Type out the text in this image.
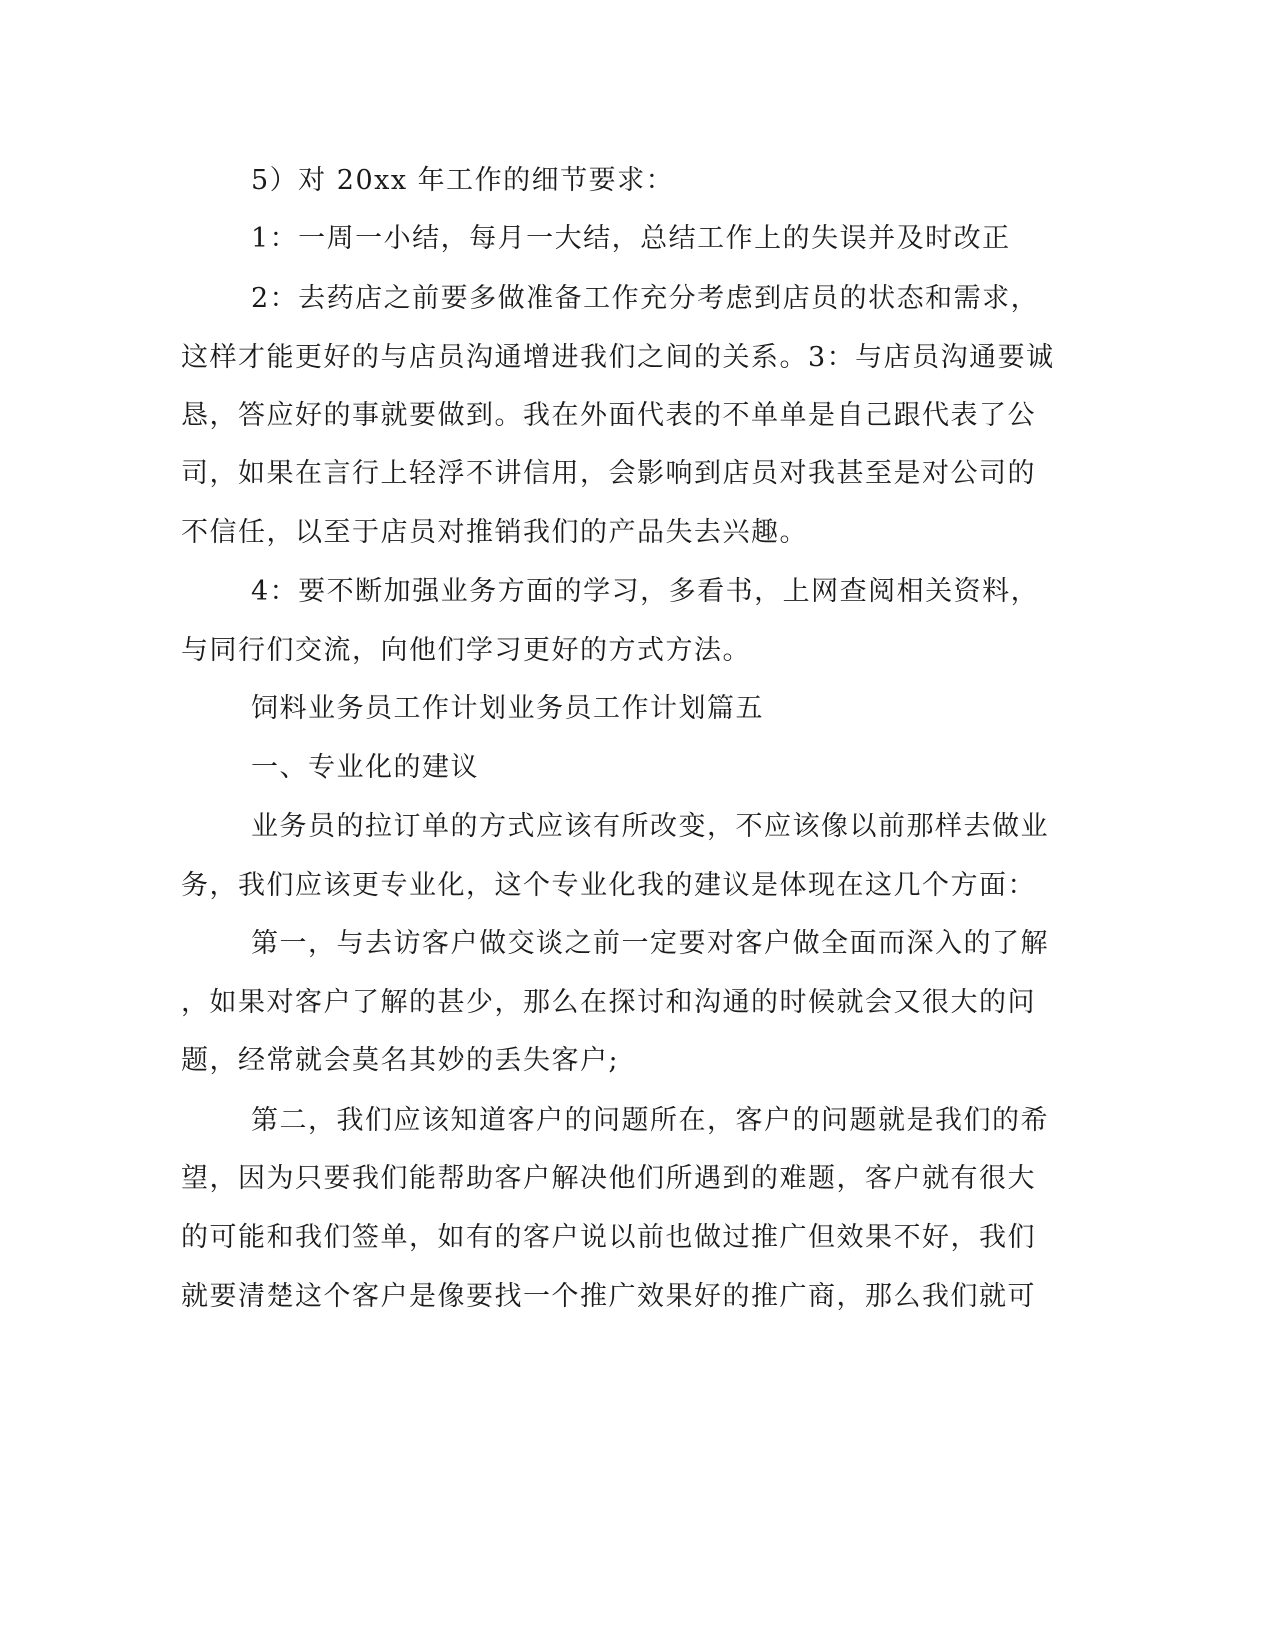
5）对 20xx 年工作的细节要求：
1：一周一小结，每月一大结，总结工作上的失误并及时改正
2：去药店之前要多做准备工作充分考虑到店员的状态和需求，
这样才能更好的与店员沟通增进我们之间的关系。3：与店员沟通要诚
恳，答应好的事就要做到。我在外面代表的不单单是自己跟代表了公
司，如果在言行上轻浮不讲信用，会影响到店员对我甚至是对公司的
不信任，以至于店员对推销我们的产品失去兴趣。
4：要不断加强业务方面的学习，多看书，上网查阅相关资料，
与同行们交流，向他们学习更好的方式方法。
饲料业务员工作计划业务员工作计划篇五
一、专业化的建议
业务员的拉订单的方式应该有所改变，不应该像以前那样去做业
务，我们应该更专业化，这个专业化我的建议是体现在这几个方面：
第一，与去访客户做交谈之前一定要对客户做全面而深入的了解
，如果对客户了解的甚少，那么在探讨和沟通的时候就会又很大的问
题，经常就会莫名其妙的丢失客户;
第二，我们应该知道客户的问题所在，客户的问题就是我们的希
望，因为只要我们能帮助客户解决他们所遇到的难题，客户就有很大
的可能和我们签单，如有的客户说以前也做过推广但效果不好，我们
就要清楚这个客户是像要找一个推广效果好的推广商，那么我们就可
